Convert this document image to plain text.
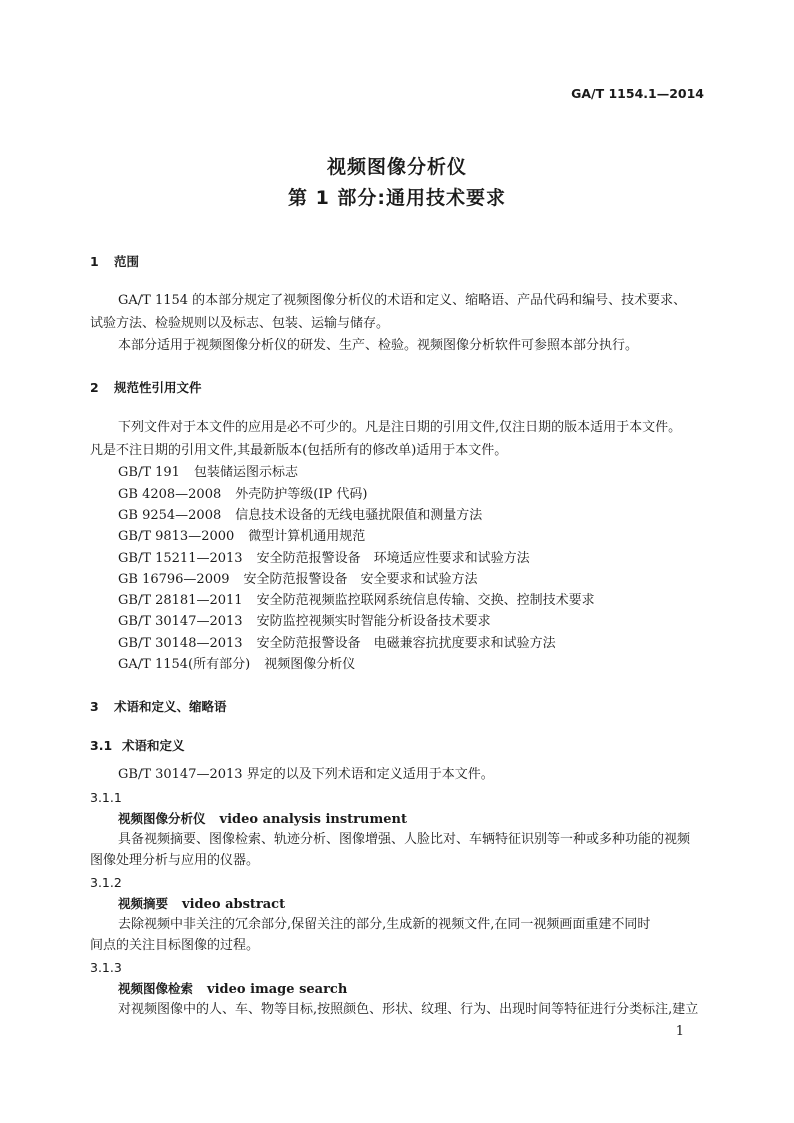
GA/T 1154.1—2014
视频图像分析仪
第 1 部分:通用技术要求
1 范围
GA/T 1154 的本部分规定了视频图像分析仪的术语和定义、缩略语、产品代码和编号、技术要求、
试验方法、检验规则以及标志、包装、运输与储存。
本部分适用于视频图像分析仪的研发、生产、检验。视频图像分析软件可参照本部分执行。
2 规范性引用文件
下列文件对于本文件的应用是必不可少的。凡是注日期的引用文件,仅注日期的版本适用于本文件。
凡是不注日期的引用文件,其最新版本(包括所有的修改单)适用于本文件。
GB/T 191 包装储运图示标志
GB 4208—2008 外壳防护等级(IP 代码)
GB 9254—2008 信息技术设备的无线电骚扰限值和测量方法
GB/T 9813—2000 微型计算机通用规范
GB/T 15211—2013 安全防范报警设备　环境适应性要求和试验方法
GB 16796—2009 安全防范报警设备　安全要求和试验方法
GB/T 28181—2011 安全防范视频监控联网系统信息传输、交换、控制技术要求
GB/T 30147—2013 安防监控视频实时智能分析设备技术要求
GB/T 30148—2013 安全防范报警设备　电磁兼容抗扰度要求和试验方法
GA/T 1154(所有部分) 视频图像分析仪
3 术语和定义、缩略语
3.1 术语和定义
GB/T 30147—2013 界定的以及下列术语和定义适用于本文件。
3.1.1
视频图像分析仪 video analysis instrument
具备视频摘要、图像检索、轨迹分析、图像增强、人脸比对、车辆特征识别等一种或多种功能的视频
图像处理分析与应用的仪器。
3.1.2
视频摘要 video abstract
去除视频中非关注的冗余部分,保留关注的部分,生成新的视频文件,在同一视频画面重建不同时
间点的关注目标图像的过程。
3.1.3
视频图像检索 video image search
对视频图像中的人、车、物等目标,按照颜色、形状、纹理、行为、出现时间等特征进行分类标注,建立
1
